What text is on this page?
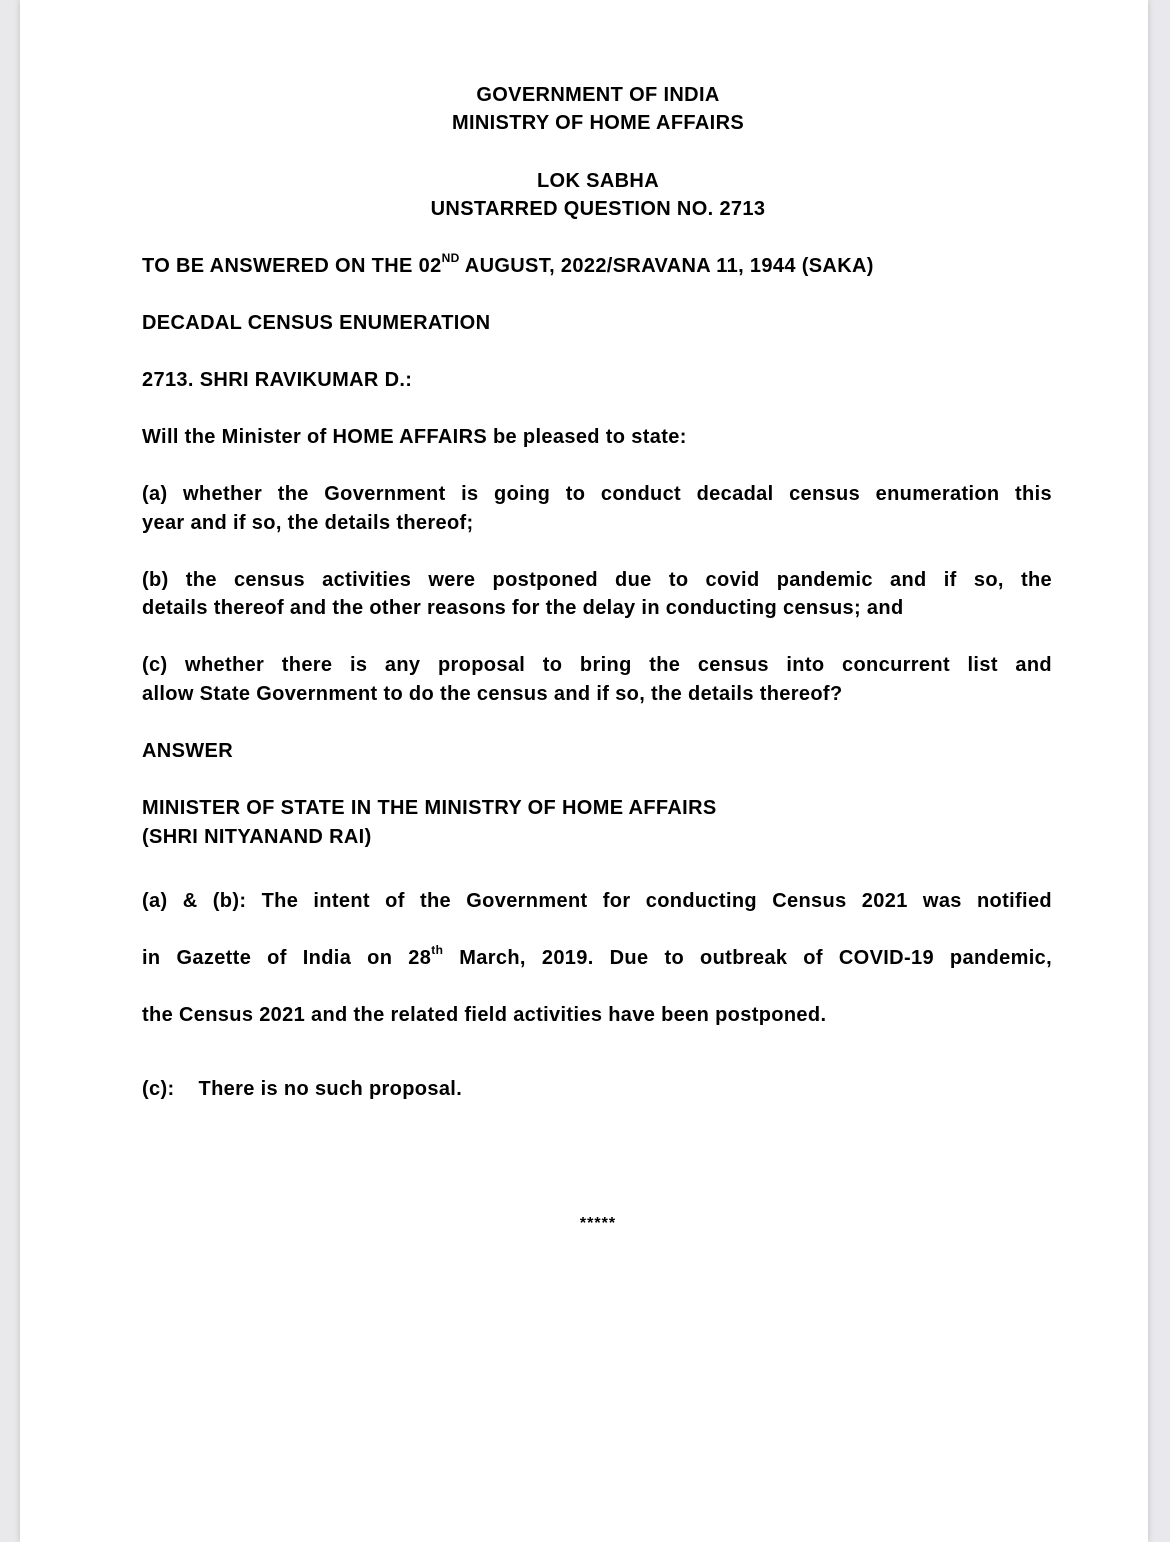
GOVERNMENT OF INDIA
MINISTRY OF HOME AFFAIRS
LOK SABHA
UNSTARRED QUESTION NO. 2713
TO BE ANSWERED ON THE 02ND AUGUST, 2022/SRAVANA 11, 1944 (SAKA)
DECADAL CENSUS ENUMERATION
2713. SHRI RAVIKUMAR D.:
Will the Minister of HOME AFFAIRS be pleased to state:
(a) whether the Government is going to conduct decadal census enumeration this
year and if so, the details thereof;
(b) the census activities were postponed due to covid pandemic and if so, the
details thereof and the other reasons for the delay in conducting census; and
(c) whether there is any proposal to bring the census into concurrent list and
allow State Government to do the census and if so, the details thereof?
ANSWER
MINISTER OF STATE IN THE MINISTRY OF HOME AFFAIRS
(SHRI NITYANAND RAI)
(a) & (b): The intent of the Government for conducting Census 2021 was notified
in Gazette of India on 28th March, 2019. Due to outbreak of COVID-19 pandemic,
the Census 2021 and the related field activities have been postponed.
(c): There is no such proposal.
*****
